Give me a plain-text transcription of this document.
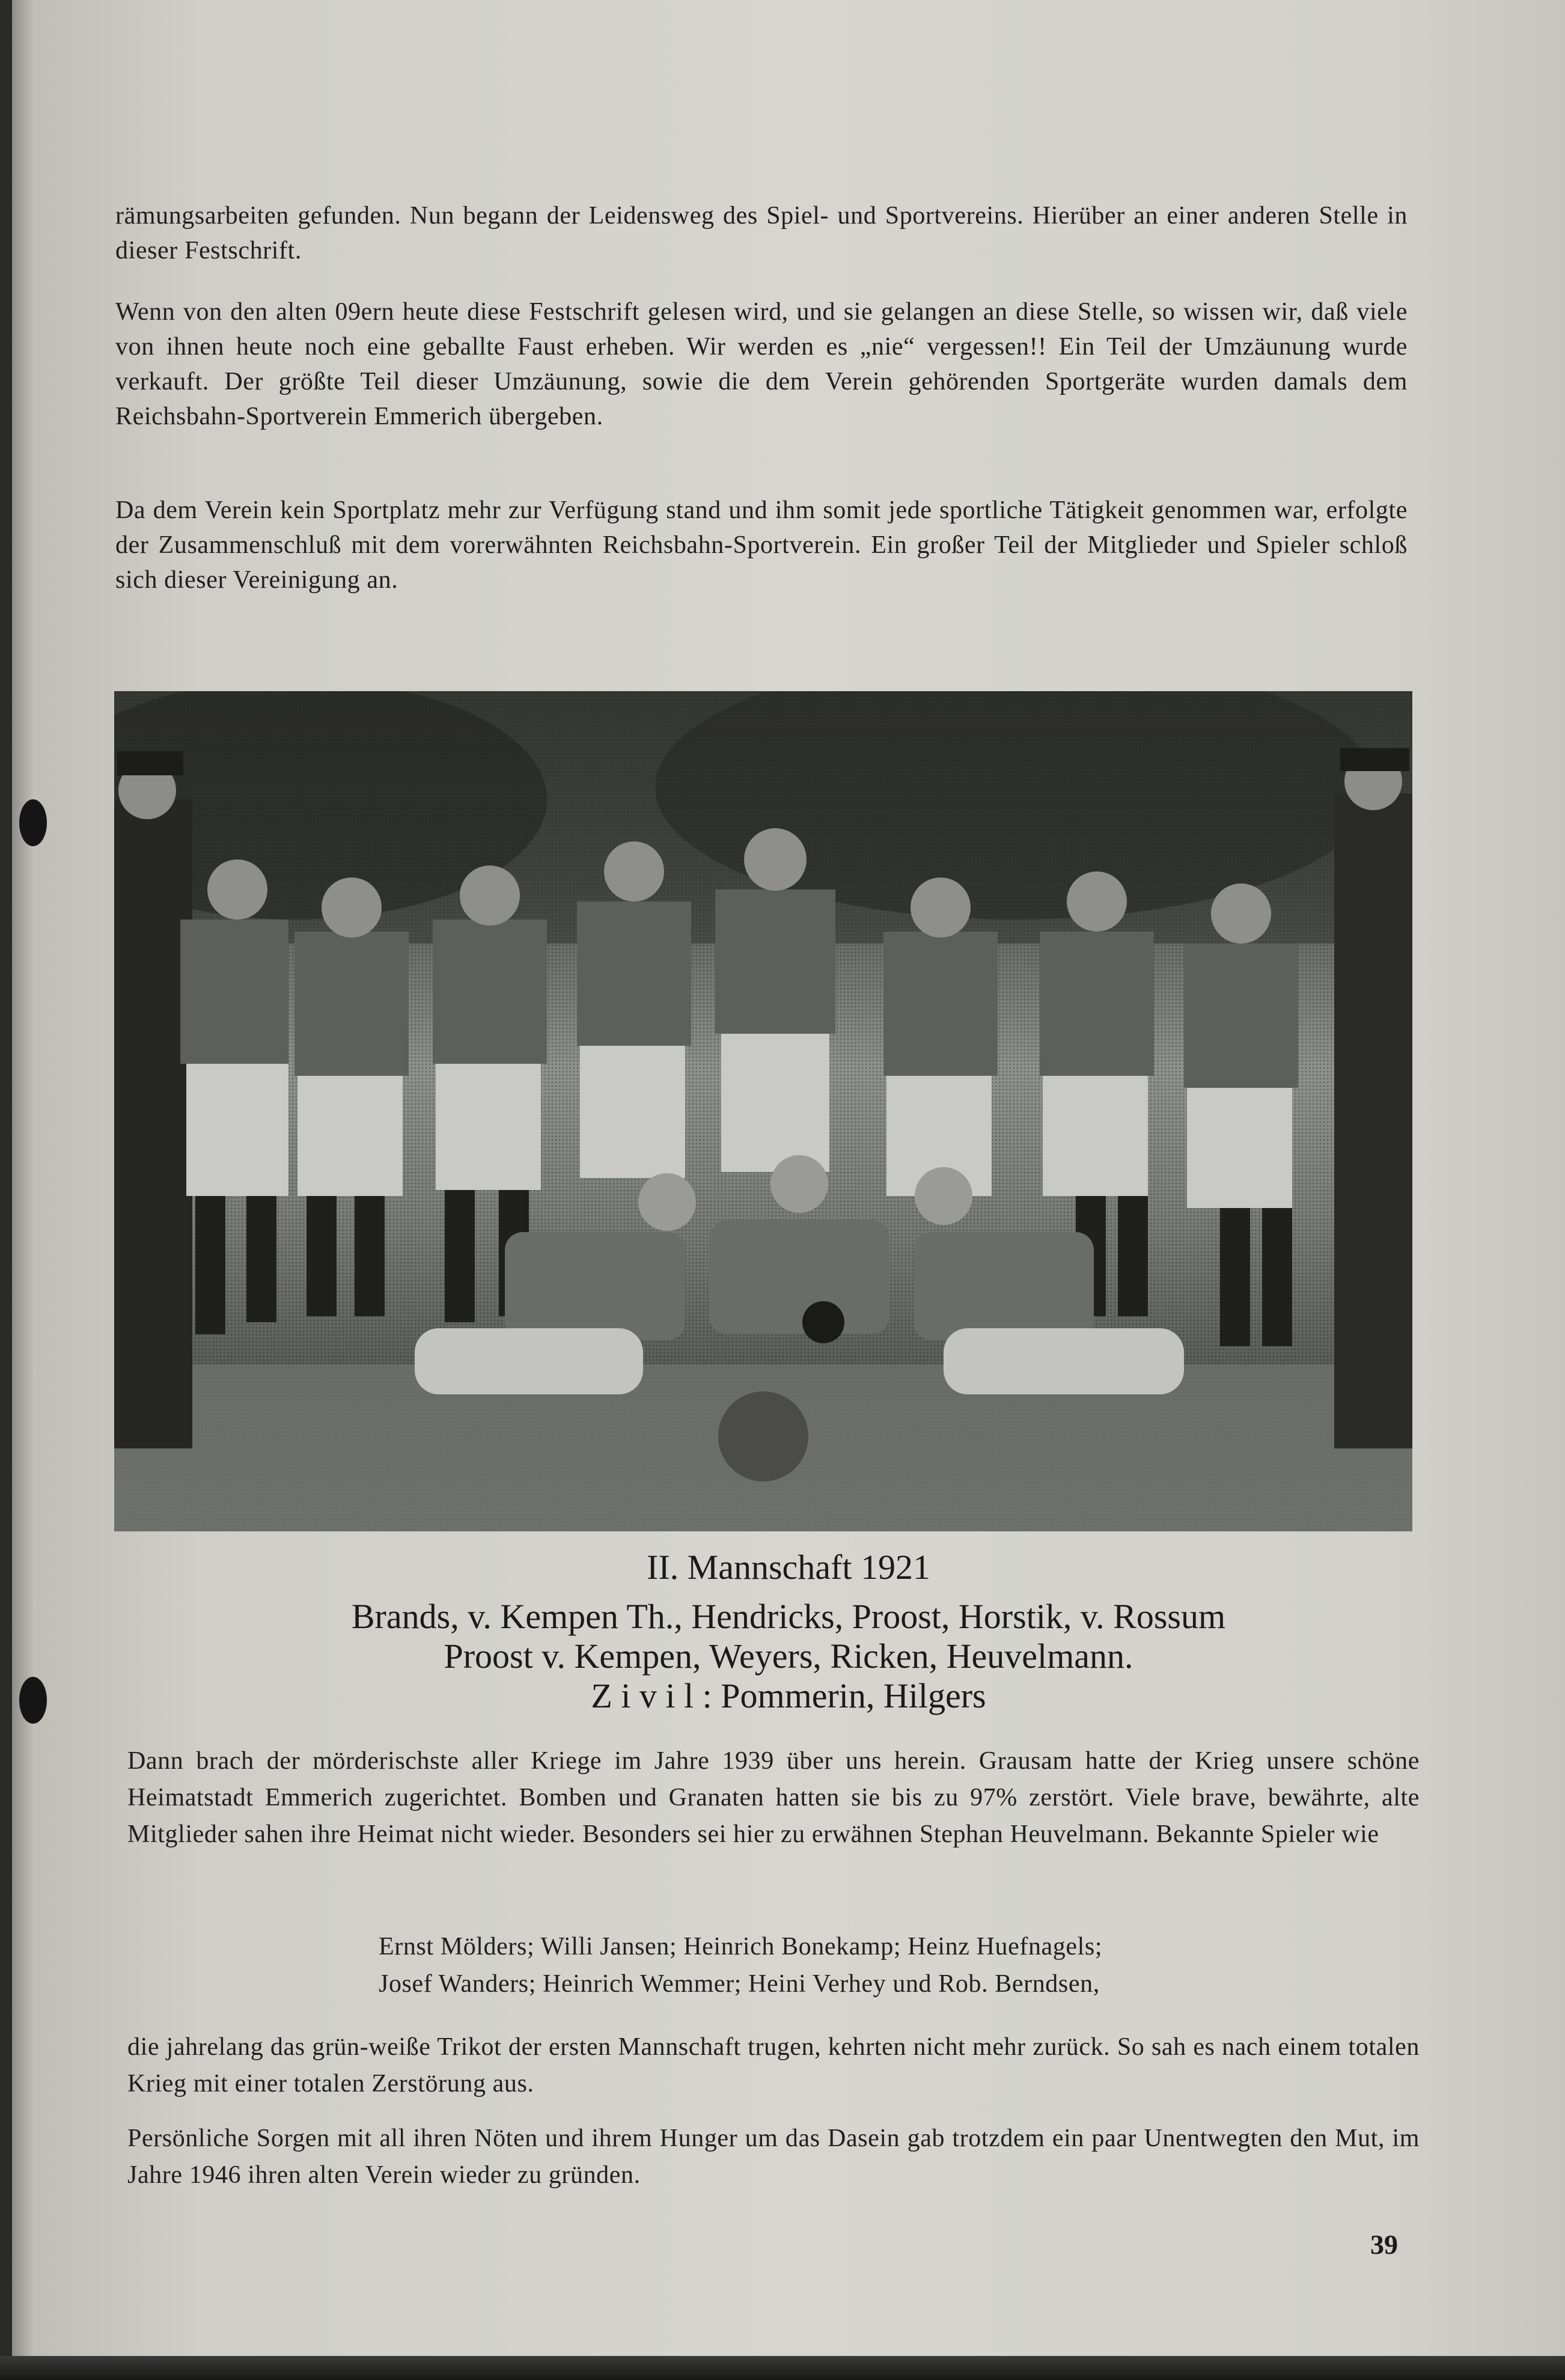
rämungsarbeiten gefunden. Nun begann der Leidensweg des Spiel- und Sportvereins. Hierüber an einer anderen Stelle in dieser Festschrift.

Wenn von den alten 09ern heute diese Festschrift gelesen wird, und sie gelangen an diese Stelle, so wissen wir, daß viele von ihnen heute noch eine geballte Faust erheben. Wir werden es „nie“ vergessen!! Ein Teil der Umzäunung wurde verkauft. Der größte Teil dieser Umzäunung, sowie die dem Verein gehörenden Sportgeräte wurden damals dem Reichsbahn-Sportverein Emmerich übergeben.

Da dem Verein kein Sportplatz mehr zur Verfügung stand und ihm somit jede sportliche Tätigkeit genommen war, erfolgte der Zusammenschluß mit dem vorerwähnten Reichsbahn-Sportverein. Ein großer Teil der Mitglieder und Spieler schloß sich dieser Vereinigung an.

II. Mannschaft 1921

Brands, v. Kempen Th., Hendricks, Proost, Horstik, v. Rossum

Proost v. Kempen, Weyers, Ricken, Heuvelmann.

Z i v i l : Pommerin, Hilgers

Dann brach der mörderischste aller Kriege im Jahre 1939 über uns herein. Grausam hatte der Krieg unsere schöne Heimatstadt Emmerich zugerichtet. Bomben und Granaten hatten sie bis zu 97% zerstört. Viele brave, bewährte, alte Mitglieder sahen ihre Heimat nicht wieder. Besonders sei hier zu erwähnen Stephan Heuvelmann. Bekannte Spieler wie

Ernst Mölders; Willi Jansen; Heinrich Bonekamp; Heinz Huefnagels;

Josef Wanders; Heinrich Wemmer; Heini Verhey und Rob. Berndsen,

die jahrelang das grün-weiße Trikot der ersten Mannschaft trugen, kehrten nicht mehr zurück. So sah es nach einem totalen Krieg mit einer totalen Zerstörung aus.

Persönliche Sorgen mit all ihren Nöten und ihrem Hunger um das Dasein gab trotzdem ein paar Unentwegten den Mut, im Jahre 1946 ihren alten Verein wieder zu gründen.

39
